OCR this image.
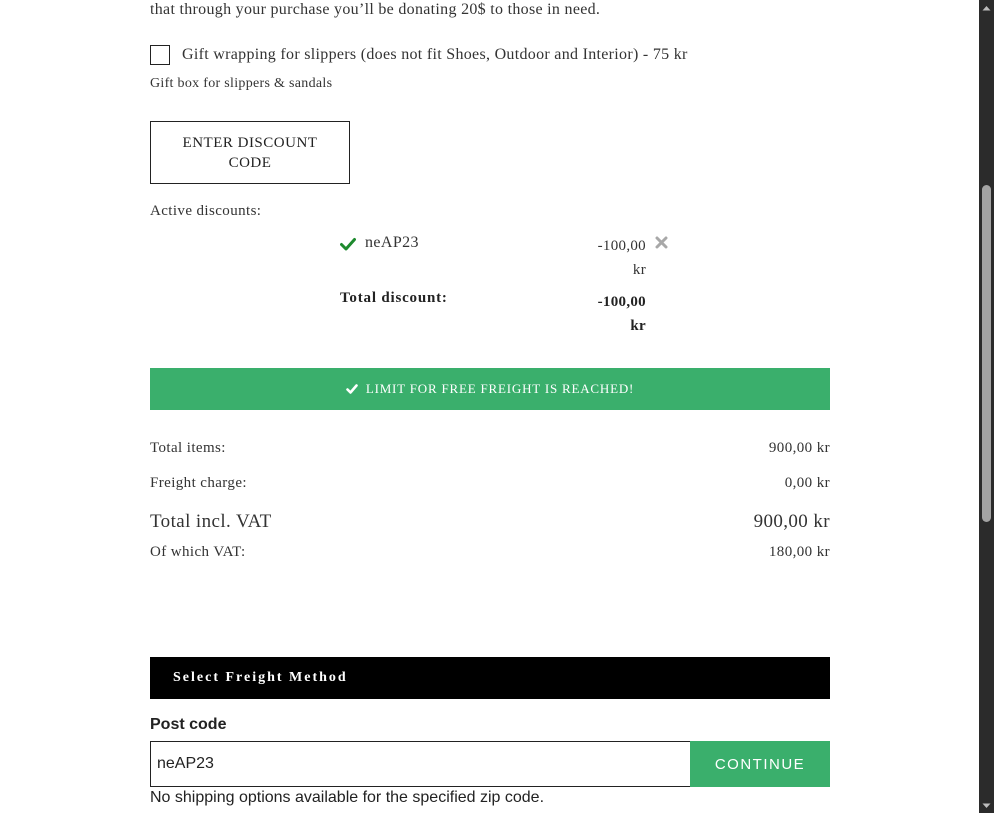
that through your purchase you’ll be donating 20$ to those in need.
Gift wrapping for slippers (does not fit Shoes, Outdoor and Interior) - 75 kr
Gift box for slippers & sandals
ENTER DISCOUNT CODE
Active discounts:
neAP23	-100,00 kr
Total discount:	-100,00 kr
LIMIT FOR FREE FREIGHT IS REACHED!
Total items:	900,00 kr
Freight charge:	0,00 kr
Total incl. VAT	900,00 kr
Of which VAT:	180,00 kr
Select Freight Method
Post code
neAP23
CONTINUE
No shipping options available for the specified zip code.
